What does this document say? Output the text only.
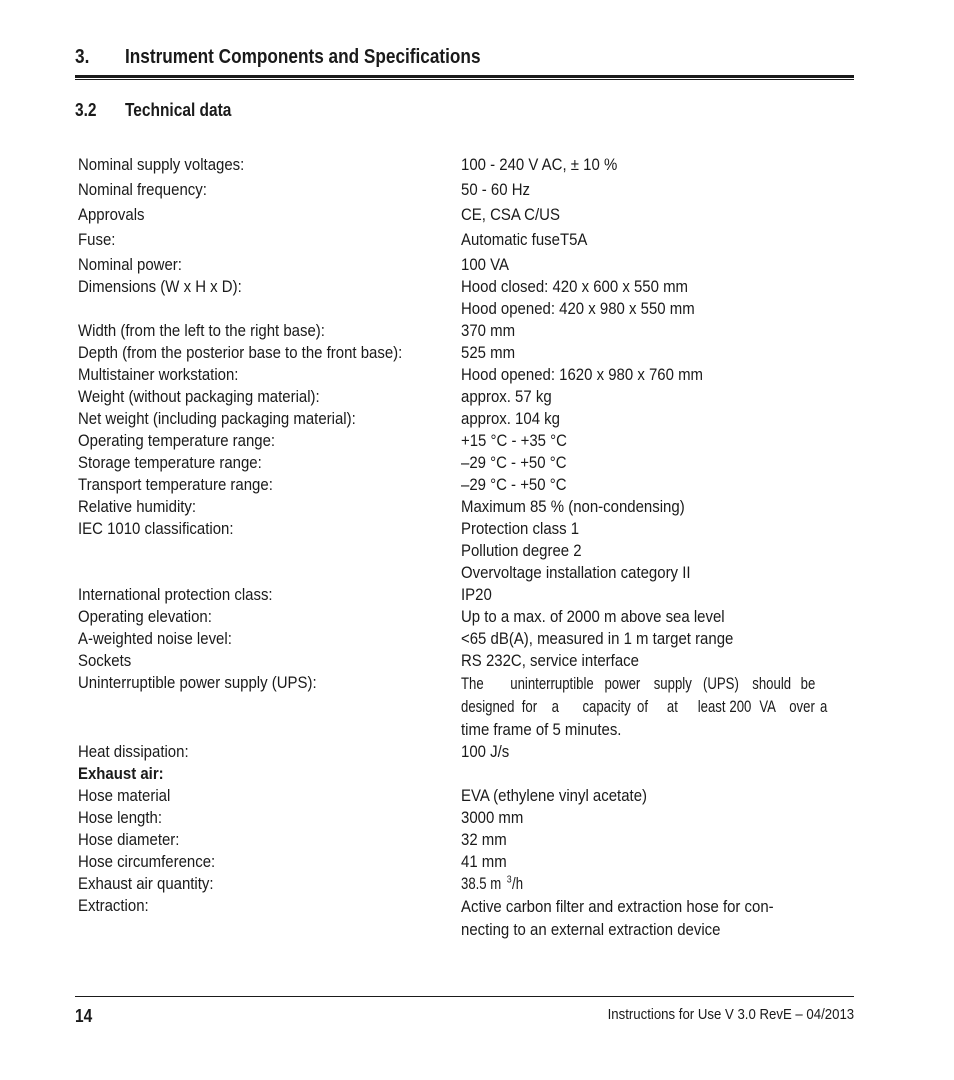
3. Instrument Components and Specifications
3.2 Technical data
Nominal supply voltages:	100 - 240 V AC, ± 10 %
Nominal frequency:	50 - 60 Hz
Approvals	CE, CSA C/US
Fuse:	Automatic fuseT5A
Nominal power:	100 VA
Dimensions (W x H x D):	Hood closed: 420 x 600 x 550 mm
Hood opened: 420 x 980 x 550 mm
Width (from the left to the right base):	370 mm
Depth (from the posterior base to the front base):	525 mm
Multistainer workstation:	Hood opened: 1620 x 980 x 760 mm
Weight (without packaging material):	approx. 57 kg
Net weight (including packaging material):	approx. 104 kg
Operating temperature range:	+15 °C - +35 °C
Storage temperature range:	–29 °C - +50 °C
Transport temperature range:	–29 °C - +50 °C
Relative humidity:	Maximum 85 % (non-condensing)
IEC 1010 classification:	Protection class 1
Pollution degree 2
Overvoltage installation category II
International protection class:	IP20
Operating elevation:	Up to a max. of 2000 m above sea level
A-weighted noise level:	<65 dB(A), measured in 1 m target range
Sockets	RS 232C, service interface
Uninterruptible power supply (UPS):	The	uninterruptible power supply (UPS) should be
designed for a	capacity of	at	least 200 VA over a
time frame of 5 minutes.
Heat dissipation:	100 J/s
Exhaust air:
Hose material	EVA (ethylene vinyl acetate)
Hose length:	3000 mm
Hose diameter:	32 mm
Hose circumference:	41 mm
Exhaust air quantity:	38.5 m $^3$/h
Extraction:	Active carbon filter and extraction hose for con-
necting to an external extraction device
14	Instructions for Use V 3.0 RevE – 04/2013
